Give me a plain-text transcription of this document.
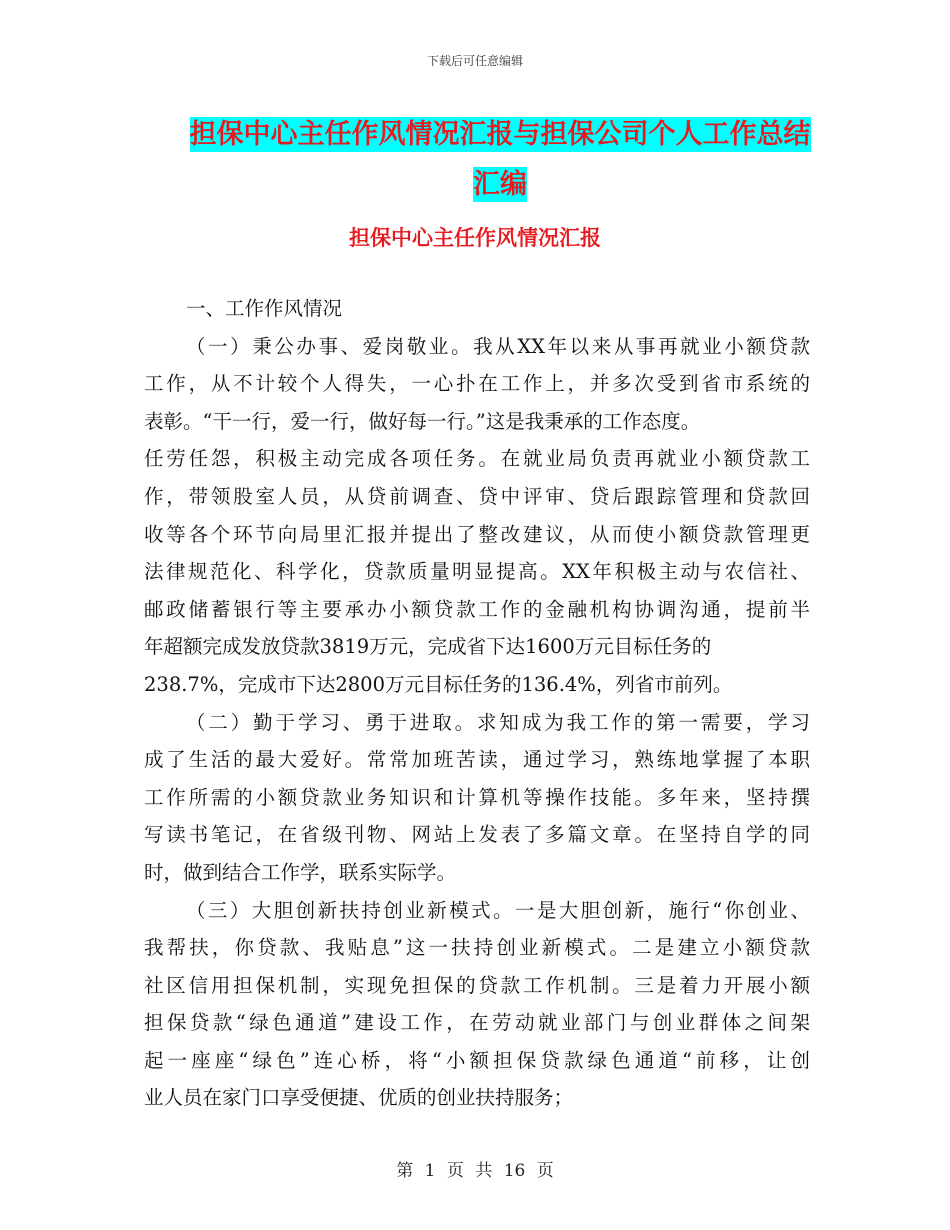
下载后可任意编辑
担保中心主任作风情况汇报与担保公司个人工作总结
汇编
担保中心主任作风情况汇报
一、工作作风情况
（一）秉公办事、爱岗敬业。我从XX年以来从事再就业小额贷款
工作，从不计较个人得失，一心扑在工作上，并多次受到省市系统的
表彰。“干一行，爱一行，做好每一行。”这是我秉承的工作态度。
任劳任怨，积极主动完成各项任务。在就业局负责再就业小额贷款工
作，带领股室人员，从贷前调查、贷中评审、贷后跟踪管理和贷款回
收等各个环节向局里汇报并提出了整改建议，从而使小额贷款管理更
法律规范化、科学化，贷款质量明显提高。XX年积极主动与农信社、
邮政储蓄银行等主要承办小额贷款工作的金融机构协调沟通，提前半
年超额完成发放贷款3819万元，完成省下达1600万元目标任务的
238.7%，完成市下达2800万元目标任务的136.4%，列省市前列。
（二）勤于学习、勇于进取。求知成为我工作的第一需要，学习
成了生活的最大爱好。常常加班苦读，通过学习，熟练地掌握了本职
工作所需的小额贷款业务知识和计算机等操作技能。多年来，坚持撰
写读书笔记，在省级刊物、网站上发表了多篇文章。在坚持自学的同
时，做到结合工作学，联系实际学。
（三）大胆创新扶持创业新模式。一是大胆创新，施行“你创业、
我帮扶，你贷款、我贴息”这一扶持创业新模式。二是建立小额贷款
社区信用担保机制，实现免担保的贷款工作机制。三是着力开展小额
担保贷款“绿色通道”建设工作，在劳动就业部门与创业群体之间架
起一座座“绿色”连心桥，将“小额担保贷款绿色通道“前移，让创
业人员在家门口享受便捷、优质的创业扶持服务；
第 1 页 共 16 页
